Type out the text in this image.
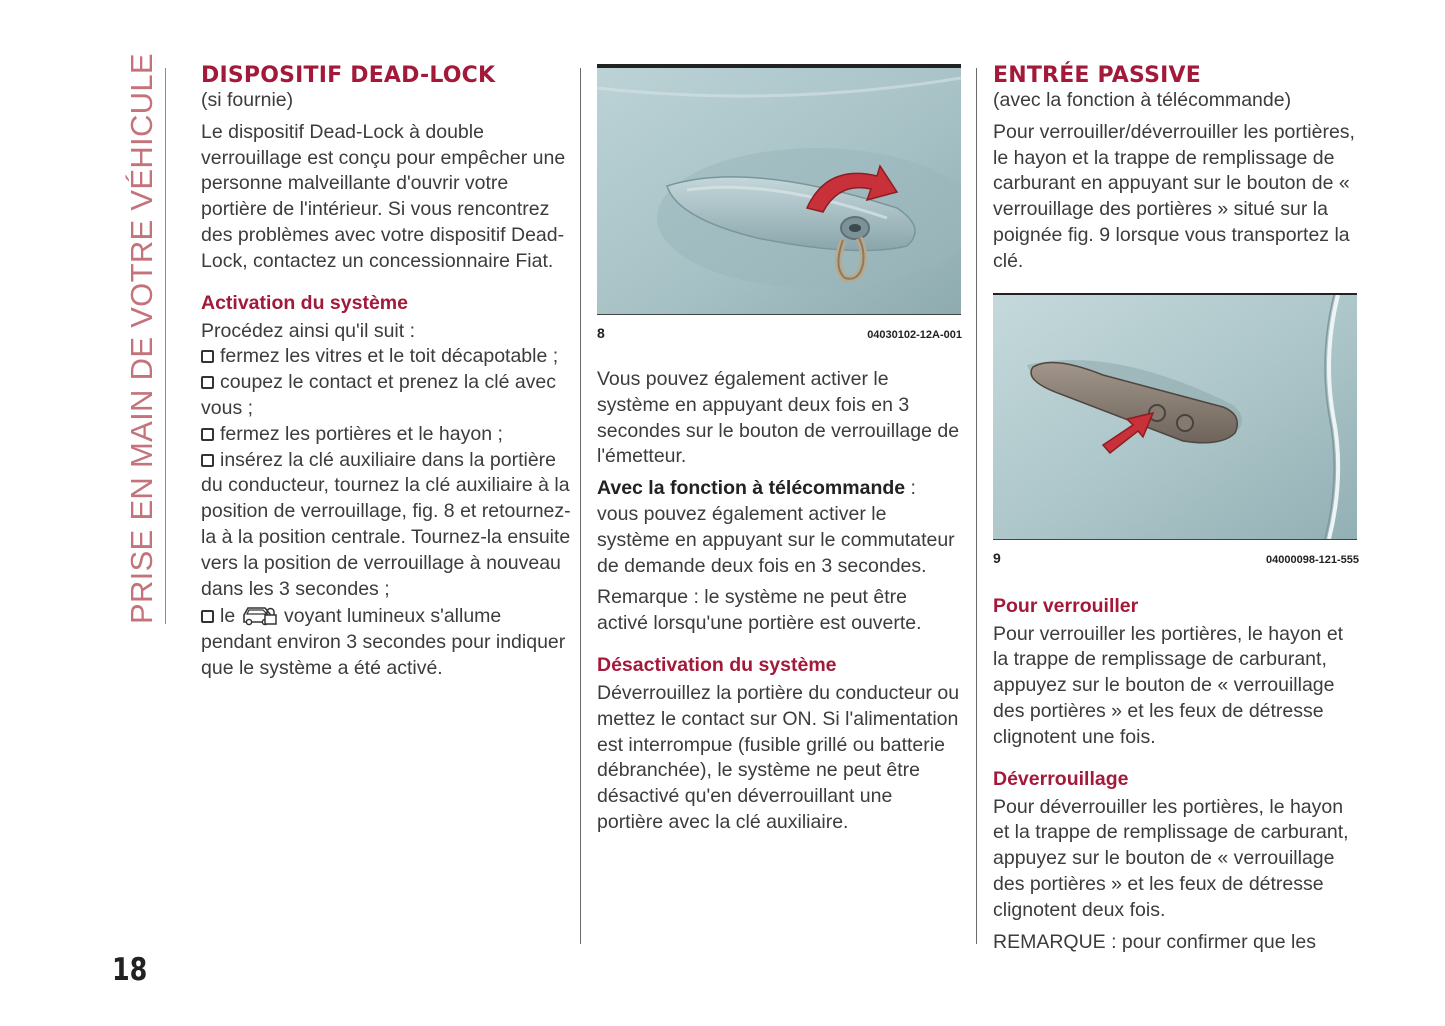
PRISE EN MAIN DE VOTRE VÉHICULE
18
DISPOSITIF DEAD-LOCK

(si fournie)

Le dispositif Dead-Lock à double verrouillage est conçu pour empêcher une personne malveillante d'ouvrir votre portière de l'intérieur. Si vous rencontrez des problèmes avec votre dispositif Dead-Lock, contactez un concessionnaire Fiat.

Activation du système

Procédez ainsi qu'il suit :

fermez les vitres et le toit décapotable ;

coupez le contact et prenez la clé avec vous ;

fermez les portières et le hayon ;

insérez la clé auxiliaire dans la portière du conducteur, tournez la clé auxiliaire à la position de verrouillage, fig. 8 et retournez-la à la position centrale. Tournez-la ensuite vers la position de verrouillage à nouveau dans les 3 secondes ;

le	voyant lumineux s'allume pendant environ 3 secondes pour indiquer que le système a été activé.

8	04030102-12A-001

Vous pouvez également activer le système en appuyant deux fois en 3 secondes sur le bouton de verrouillage de l'émetteur.

Avec la fonction à télécommande : vous pouvez également activer le système en appuyant sur le commutateur de demande deux fois en 3 secondes.

Remarque : le système ne peut être activé lorsqu'une portière est ouverte.

Désactivation du système

Déverrouillez la portière du conducteur ou mettez le contact sur ON. Si l'alimentation est interrompue (fusible grillé ou batterie débranchée), le système ne peut être désactivé qu'en déverrouillant une portière avec la clé auxiliaire.

ENTRÉE PASSIVE

(avec la fonction à télécommande)

Pour verrouiller/déverrouiller les portières, le hayon et la trappe de remplissage de carburant en appuyant sur le bouton de « verrouillage des portières » situé sur la poignée fig. 9 lorsque vous transportez la clé.

9	04000098-121-555
Pour verrouiller

Pour verrouiller les portières, le hayon et la trappe de remplissage de carburant, appuyez sur le bouton de « verrouillage des portières » et les feux de détresse clignotent une fois.

Déverrouillage

Pour déverrouiller les portières, le hayon et la trappe de remplissage de carburant, appuyez sur le bouton de « verrouillage des portières » et les feux de détresse clignotent deux fois.

REMARQUE : pour confirmer que les
